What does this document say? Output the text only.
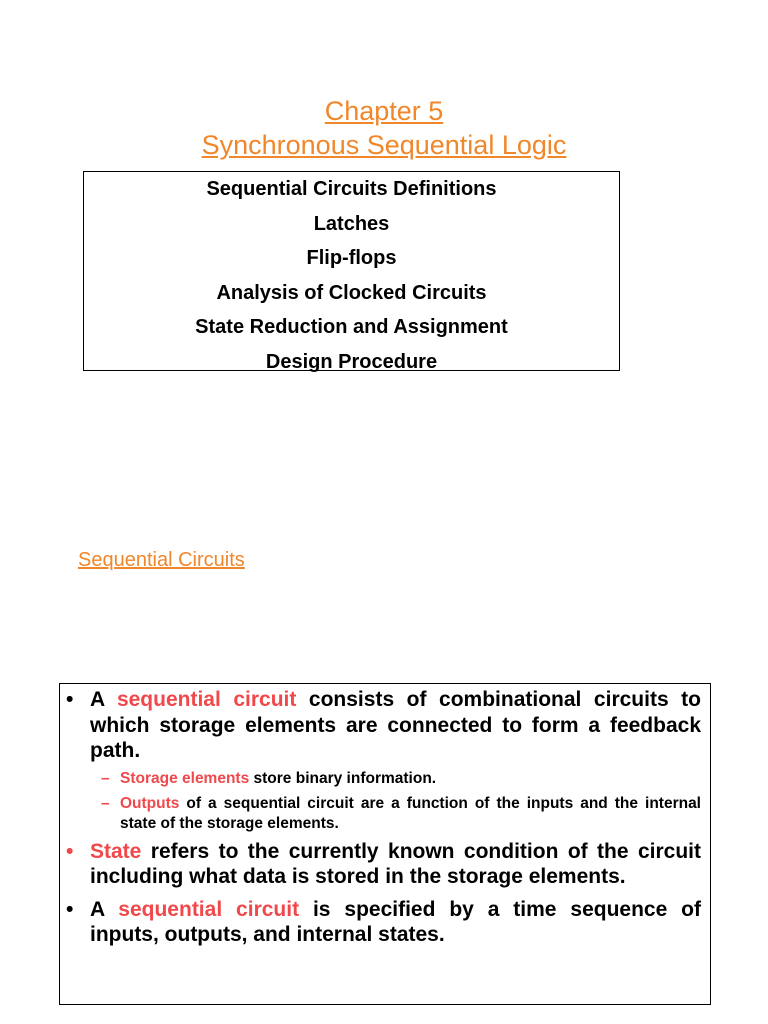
Chapter 5
Synchronous Sequential Logic
Sequential Circuits Definitions
Latches
Flip-flops
Analysis of Clocked Circuits
State Reduction and Assignment
Design Procedure
Sequential Circuits
• A sequential circuit consists of combinational circuits to which storage elements are connected to form a feedback path.
– Storage elements store binary information.
– Outputs of a sequential circuit are a function of the inputs and the internal state of the storage elements.
• State refers to the currently known condition of the circuit including what data is stored in the storage elements.
• A sequential circuit is specified by a time sequence of inputs, outputs, and internal states.
